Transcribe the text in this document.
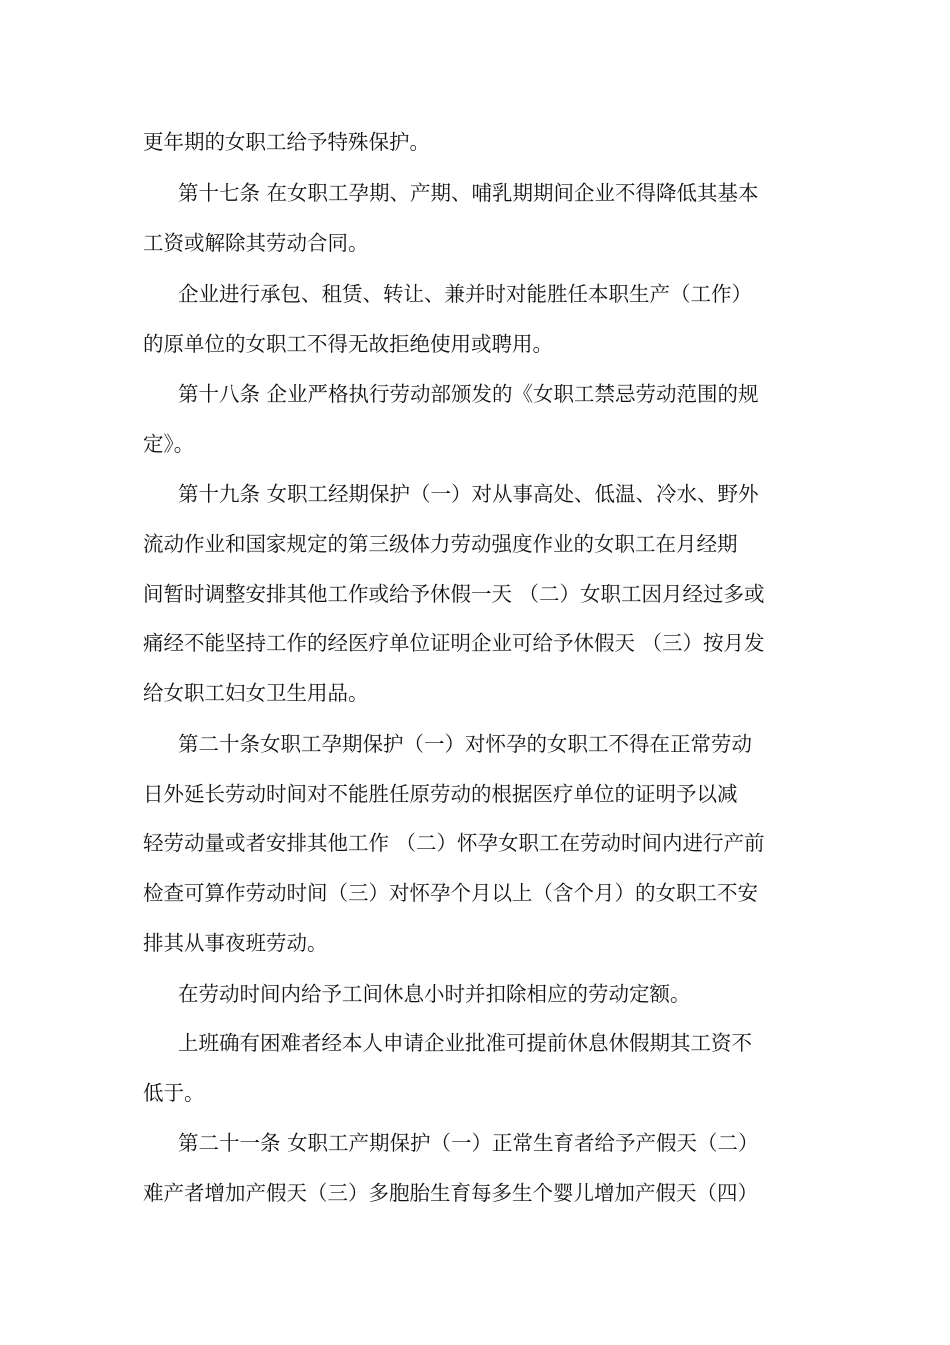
更年期的女职工给予特殊保护。
第十七条 在女职工孕期、产期、哺乳期期间企业不得降低其基本
工资或解除其劳动合同。
企业进行承包、租赁、转让、兼并时对能胜任本职生产（工作）
的原单位的女职工不得无故拒绝使用或聘用。
第十八条 企业严格执行劳动部颁发的《女职工禁忌劳动范围的规
定》。
第十九条 女职工经期保护（一）对从事高处、低温、冷水、野外
流动作业和国家规定的第三级体力劳动强度作业的女职工在月经期
间暂时调整安排其他工作或给予休假一天 （二）女职工因月经过多或
痛经不能坚持工作的经医疗单位证明企业可给予休假天 （三）按月发
给女职工妇女卫生用品。
第二十条女职工孕期保护（一）对怀孕的女职工不得在正常劳动
日外延长劳动时间对不能胜任原劳动的根据医疗单位的证明予以减
轻劳动量或者安排其他工作 （二）怀孕女职工在劳动时间内进行产前
检查可算作劳动时间（三）对怀孕个月以上（含个月）的女职工不安
排其从事夜班劳动。
在劳动时间内给予工间休息小时并扣除相应的劳动定额。
上班确有困难者经本人申请企业批准可提前休息休假期其工资不
低于。
第二十一条 女职工产期保护（一）正常生育者给予产假天（二）
难产者增加产假天（三）多胞胎生育每多生个婴儿增加产假天（四）
